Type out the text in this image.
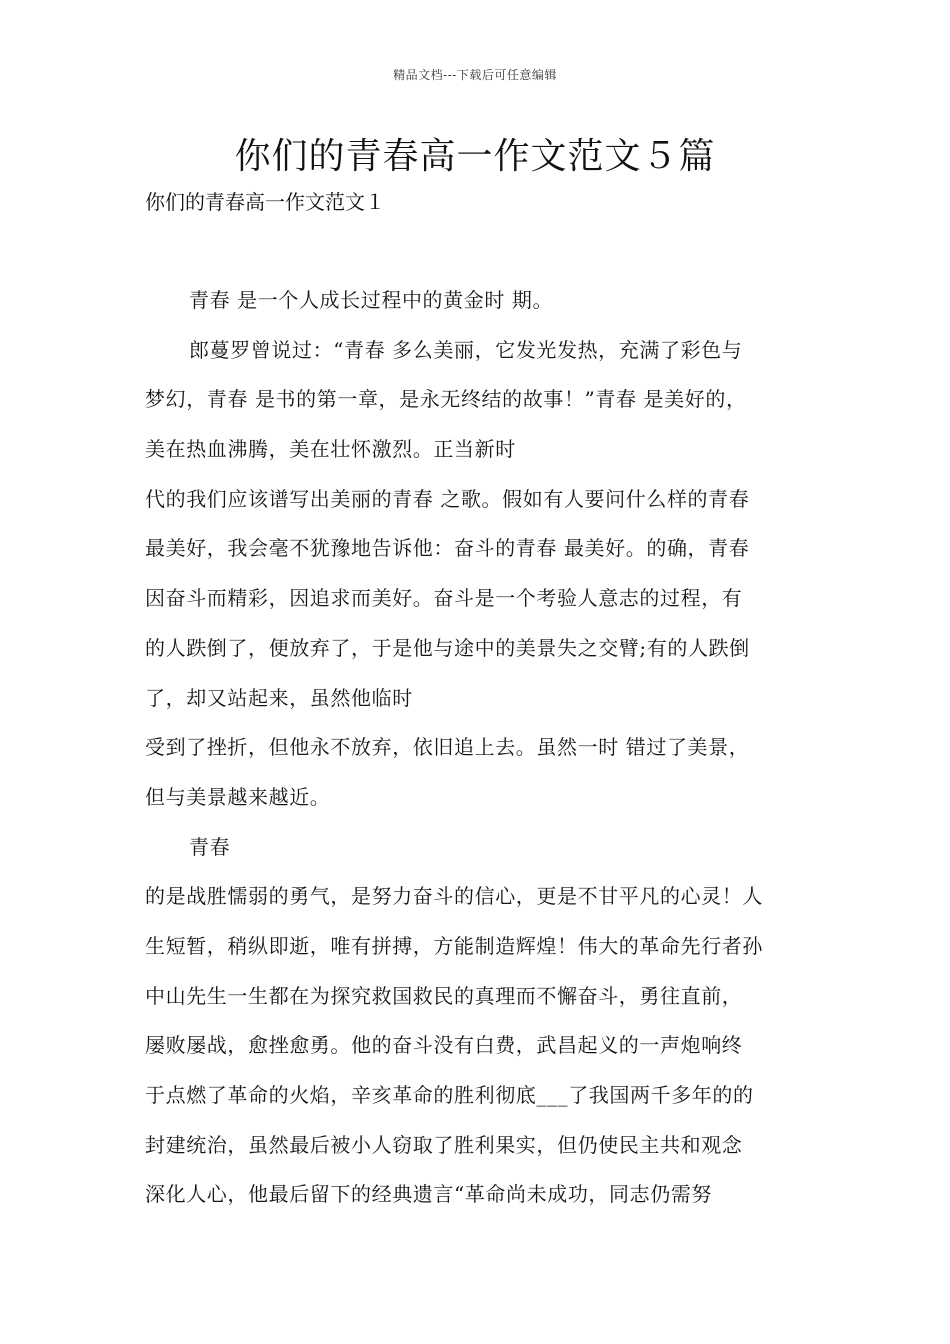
精品文档---下载后可任意编辑
你们的青春高一作文范文５篇
你们的青春高一作文范文１
青春 是一个人成长过程中的黄金时 期。
郎蔓罗曾说过：“青春 多么美丽，它发光发热，充满了彩色与
梦幻，青春 是书的第一章，是永无终结的故事！”青春 是美好的，
美在热血沸腾，美在壮怀激烈。正当新时
代的我们应该谱写出美丽的青春 之歌。假如有人要问什么样的青春
最美好，我会毫不犹豫地告诉他：奋斗的青春 最美好。的确，青春
因奋斗而精彩，因追求而美好。奋斗是一个考验人意志的过程，有
的人跌倒了，便放弃了，于是他与途中的美景失之交臂;有的人跌倒
了，却又站起来，虽然他临时
受到了挫折，但他永不放弃，依旧追上去。虽然一时 错过了美景，
但与美景越来越近。
青春
的是战胜懦弱的勇气，是努力奋斗的信心，更是不甘平凡的心灵！人
生短暂，稍纵即逝，唯有拼搏，方能制造辉煌！伟大的革命先行者孙
中山先生一生都在为探究救国救民的真理而不懈奋斗，勇往直前，
屡败屡战，愈挫愈勇。他的奋斗没有白费，武昌起义的一声炮响终
于点燃了革命的火焰，辛亥革命的胜利彻底___了我国两千多年的的
封建统治，虽然最后被小人窃取了胜利果实，但仍使民主共和观念
深化人心，他最后留下的经典遗言“革命尚未成功，同志仍需努
